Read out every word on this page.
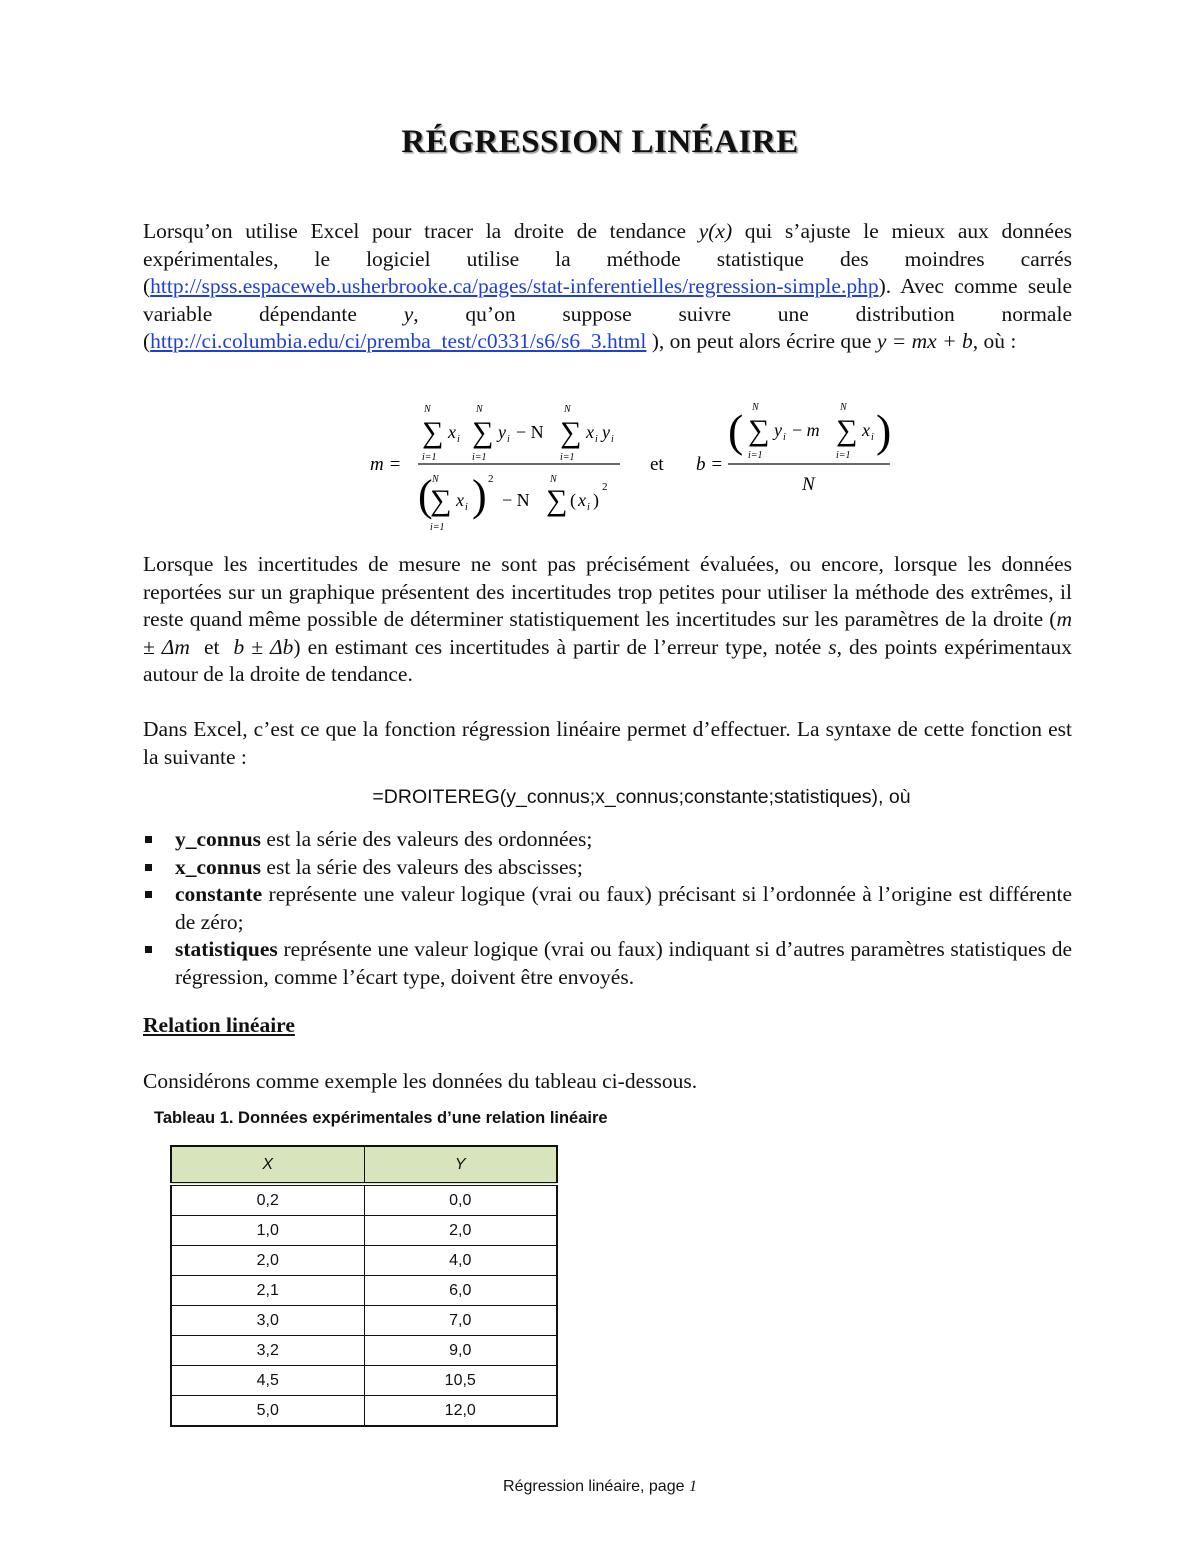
RÉGRESSION LINÉAIRE
Lorsqu’on utilise Excel pour tracer la droite de tendance y(x) qui s’ajuste le mieux aux données expérimentales, le logiciel utilise la méthode statistique des moindres carrés (http://spss.espaceweb.usherbrooke.ca/pages/stat-inferentielles/regression-simple.php). Avec comme seule variable dépendante y, qu’on suppose suivre une distribution normale (http://ci.columbia.edu/ci/premba_test/c0331/s6/s6_3.html ), on peut alors écrire que y = mx + b, où :
m =
N
∑ x i
i=1
N
∑ y i
i=1
− N
N
∑ x i y i
i=1
( N
∑ x i
i=1
) 2
− N
N
∑ ( x i )
2
et b =
( N
∑ y i
i=1
− m
N
∑ x i
i=1 )
N
Lorsque les incertitudes de mesure ne sont pas précisément évaluées, ou encore, lorsque les données reportées sur un graphique présentent des incertitudes trop petites pour utiliser la méthode des extrêmes, il reste quand même possible de déterminer statistiquement les incertitudes sur les paramètres de la droite (m ± Δm  et  b ± Δb) en estimant ces incertitudes à partir de l’erreur type, notée s, des points expérimentaux autour de la droite de tendance.
Dans Excel, c’est ce que la fonction régression linéaire permet d’effectuer. La syntaxe de cette fonction est la suivante :
=DROITEREG(y_connus;x_connus;constante;statistiques), où
y_connus est la série des valeurs des ordonnées;
x_connus est la série des valeurs des abscisses;
constante représente une valeur logique (vrai ou faux) précisant si l’ordonnée à l’origine est différente de zéro;
statistiques représente une valeur logique (vrai ou faux) indiquant si d’autres paramètres statistiques de régression, comme l’écart type, doivent être envoyés.
Relation linéaire
Considérons comme exemple les données du tableau ci-dessous.
Tableau 1. Données expérimentales d’une relation linéaire
X	Y
0,2	0,0
1,0	2,0
2,0	4,0
2,1	6,0
3,0	7,0
3,2	9,0
4,5	10,5
5,0	12,0
Régression linéaire, page 1
